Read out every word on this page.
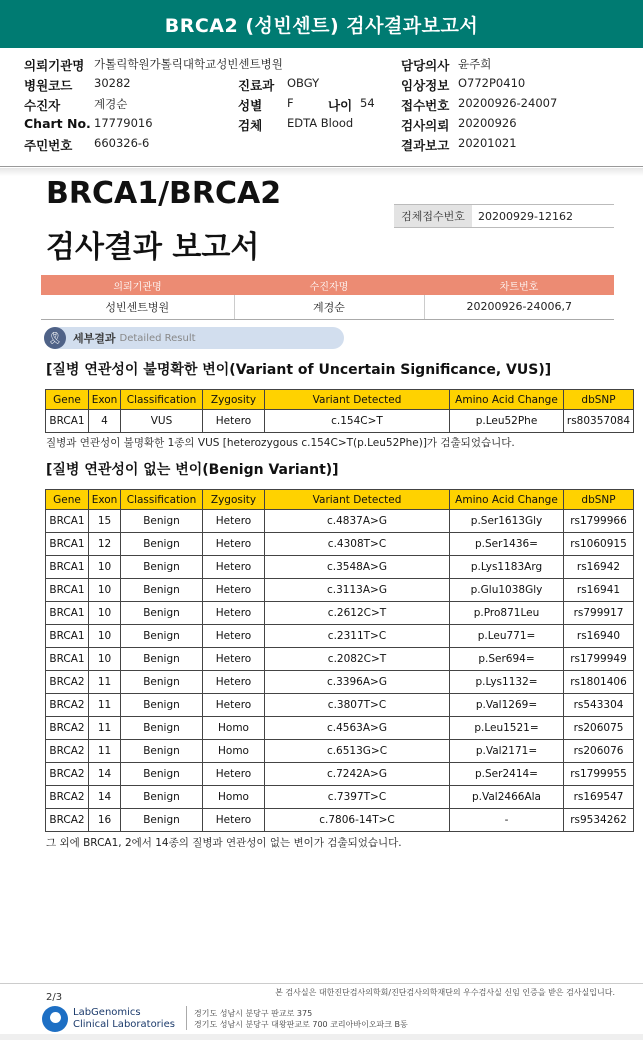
BRCA2 (성빈센트) 검사결과보고서
의뢰기관명 가톨릭학원가톨릭대학교성빈센트병원	담당의사 윤주희
병원코드 30282	진료과 OBGY	임상정보 O772P0410
수진자	계경순	성별 F	나이 54 접수번호 20200926-24007
Chart No. 17779016	검체 EDTA Blood	검사의뢰 20200926
주민번호 660326-6	결과보고 20201021
BRCA1/BRCA2
검사결과 보고서
검체접수번호	20200929-12162
의뢰기관명	수진자명	차트번호
성빈센트병원	계경순	20200926-24006,7
🎗︎ 세부결과 Detailed Result
[질병 연관성이 불명확한 변이(Variant of Uncertain Significance, VUS)]
Gene	Exon	Classification	Zygosity	Variant Detected	Amino Acid Change	dbSNP
BRCA1	4	VUS	Hetero	c.154C>T	p.Leu52Phe	rs80357084
질병과 연관성이 불명확한 1종의 VUS [heterozygous c.154C>T(p.Leu52Phe)]가 검출되었습니다.
[질병 연관성이 없는 변이(Benign Variant)]
Gene	Exon	Classification	Zygosity	Variant Detected	Amino Acid Change	dbSNP
BRCA1	15	Benign	Hetero	c.4837A>G	p.Ser1613Gly	rs1799966
BRCA1	12	Benign	Hetero	c.4308T>C	p.Ser1436=	rs1060915
BRCA1	10	Benign	Hetero	c.3548A>G	p.Lys1183Arg	rs16942
BRCA1	10	Benign	Hetero	c.3113A>G	p.Glu1038Gly	rs16941
BRCA1	10	Benign	Hetero	c.2612C>T	p.Pro871Leu	rs799917
BRCA1	10	Benign	Hetero	c.2311T>C	p.Leu771=	rs16940
BRCA1	10	Benign	Hetero	c.2082C>T	p.Ser694=	rs1799949
BRCA2	11	Benign	Hetero	c.3396A>G	p.Lys1132=	rs1801406
BRCA2	11	Benign	Hetero	c.3807T>C	p.Val1269=	rs543304
BRCA2	11	Benign	Homo	c.4563A>G	p.Leu1521=	rs206075
BRCA2	11	Benign	Homo	c.6513G>C	p.Val2171=	rs206076
BRCA2	14	Benign	Hetero	c.7242A>G	p.Ser2414=	rs1799955
BRCA2	14	Benign	Homo	c.7397T>C	p.Val2466Ala	rs169547
BRCA2	16	Benign	Hetero	c.7806-14T>C	-	rs9534262
그 외에 BRCA1, 2에서 14종의 질병과 연관성이 없는 변이가 검출되었습니다.
본 검사실은 대한진단검사의학회/진단검사의학재단의 우수검사실 신임 인증을 받은 검사실입니다.
2/3
LabGenomics
Clinical Laboratories
경기도 성남시 분당구 판교로 375
경기도 성남시 분당구 대왕판교로 700 코리아바이오파크 B동
